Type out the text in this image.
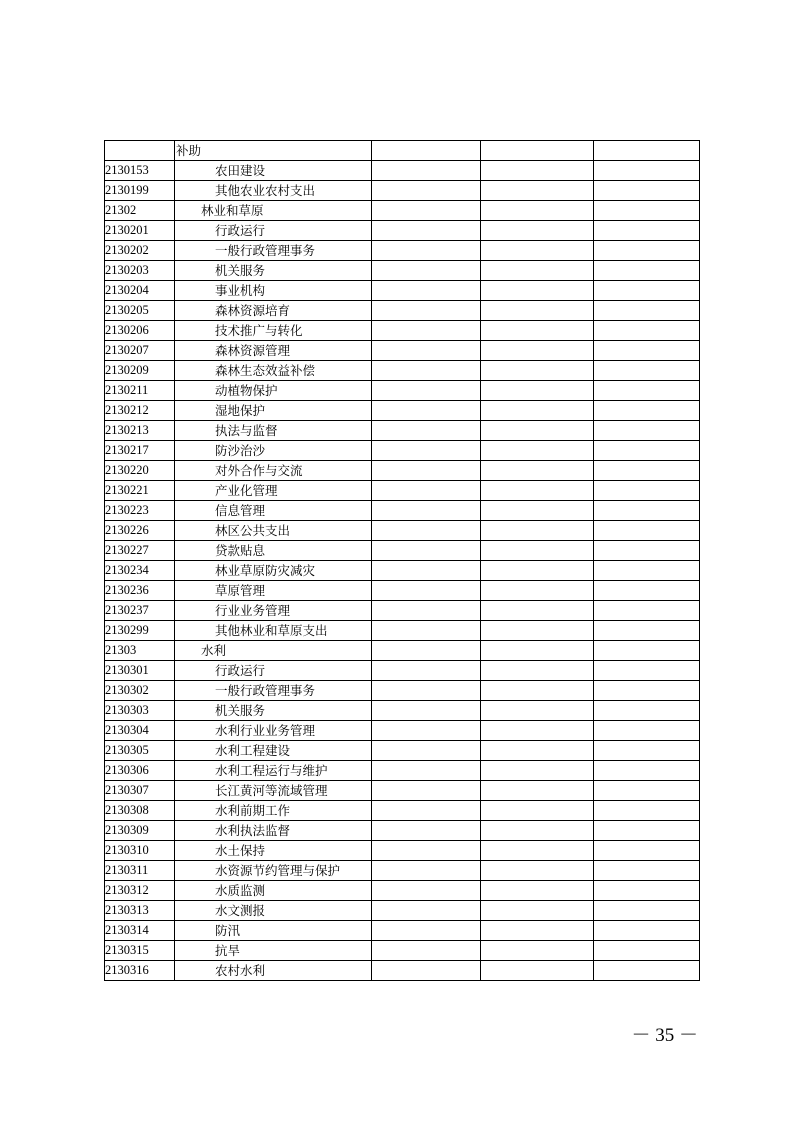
	补助			
2130153	农田建设			
2130199	其他农业农村支出			
21302	林业和草原			
2130201	行政运行			
2130202	一般行政管理事务			
2130203	机关服务			
2130204	事业机构			
2130205	森林资源培育			
2130206	技术推广与转化			
2130207	森林资源管理			
2130209	森林生态效益补偿			
2130211	动植物保护			
2130212	湿地保护			
2130213	执法与监督			
2130217	防沙治沙			
2130220	对外合作与交流			
2130221	产业化管理			
2130223	信息管理			
2130226	林区公共支出			
2130227	贷款贴息			
2130234	林业草原防灾减灾			
2130236	草原管理			
2130237	行业业务管理			
2130299	其他林业和草原支出			
21303	水利			
2130301	行政运行			
2130302	一般行政管理事务			
2130303	机关服务			
2130304	水利行业业务管理			
2130305	水利工程建设			
2130306	水利工程运行与维护			
2130307	长江黄河等流域管理			
2130308	水利前期工作			
2130309	水利执法监督			
2130310	水土保持			
2130311	水资源节约管理与保护			
2130312	水质监测			
2130313	水文测报			
2130314	防汛			
2130315	抗旱			
2130316	农村水利			
－ 35 －
